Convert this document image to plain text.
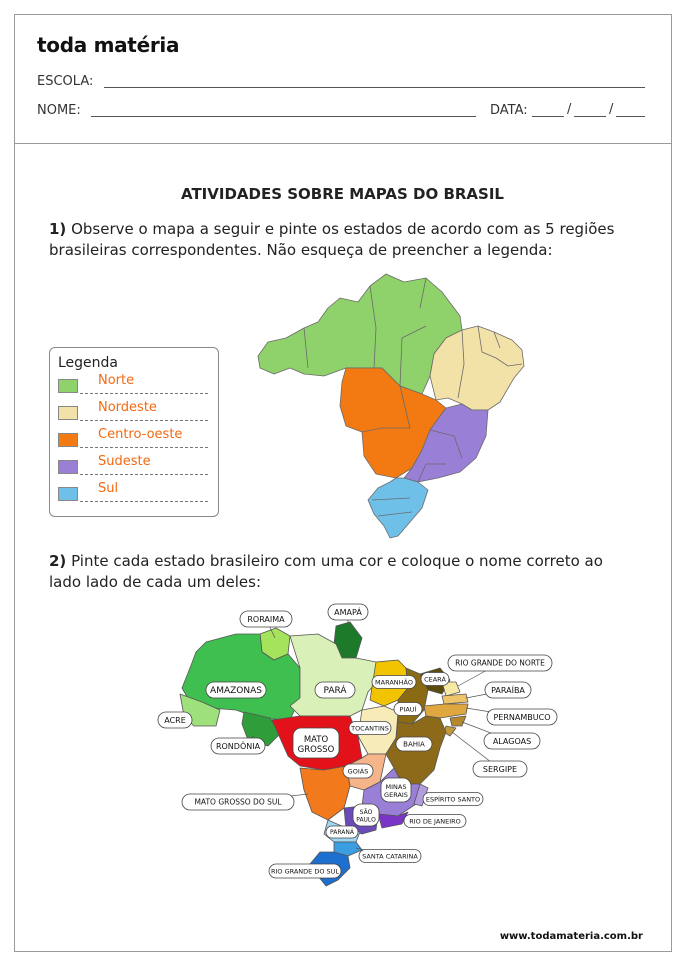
toda matéria
ESCOLA:
NOME:	DATA:	/	/
ATIVIDADES SOBRE MAPAS DO BRASIL
1) Observe o mapa a seguir e pinte os estados de acordo com as 5 regiões brasileiras correspondentes. Não esqueça de preencher a legenda:
Legenda
Norte
Nordeste
Centro-oeste
Sudeste
Sul
2) Pinte cada estado brasileiro com uma cor e coloque o nome correto ao lado lado de cada um deles:
RORAIMA
AMAPÁ
AMAZONAS	PARÁ
MARANHÃO CEARÁ
RIO GRANDE DO NORTE
PARAÍBA
PERNAMBUCO
ALAGOAS
SERGIPE
ACRE
RONDÔNIA
TOCANTINS
PIAUÍ
BAHIA
GOIÁS
ESPÍRITO SANTO
MATO GROSSO DO SUL
RIO DE JANEIRO
PARANÁ
SANTA CATARINA
RIO GRANDE DO SUL
MATO
GROSSO
MINAS
GERAIS
SÃO
PAULO
www.todamateria.com.br
